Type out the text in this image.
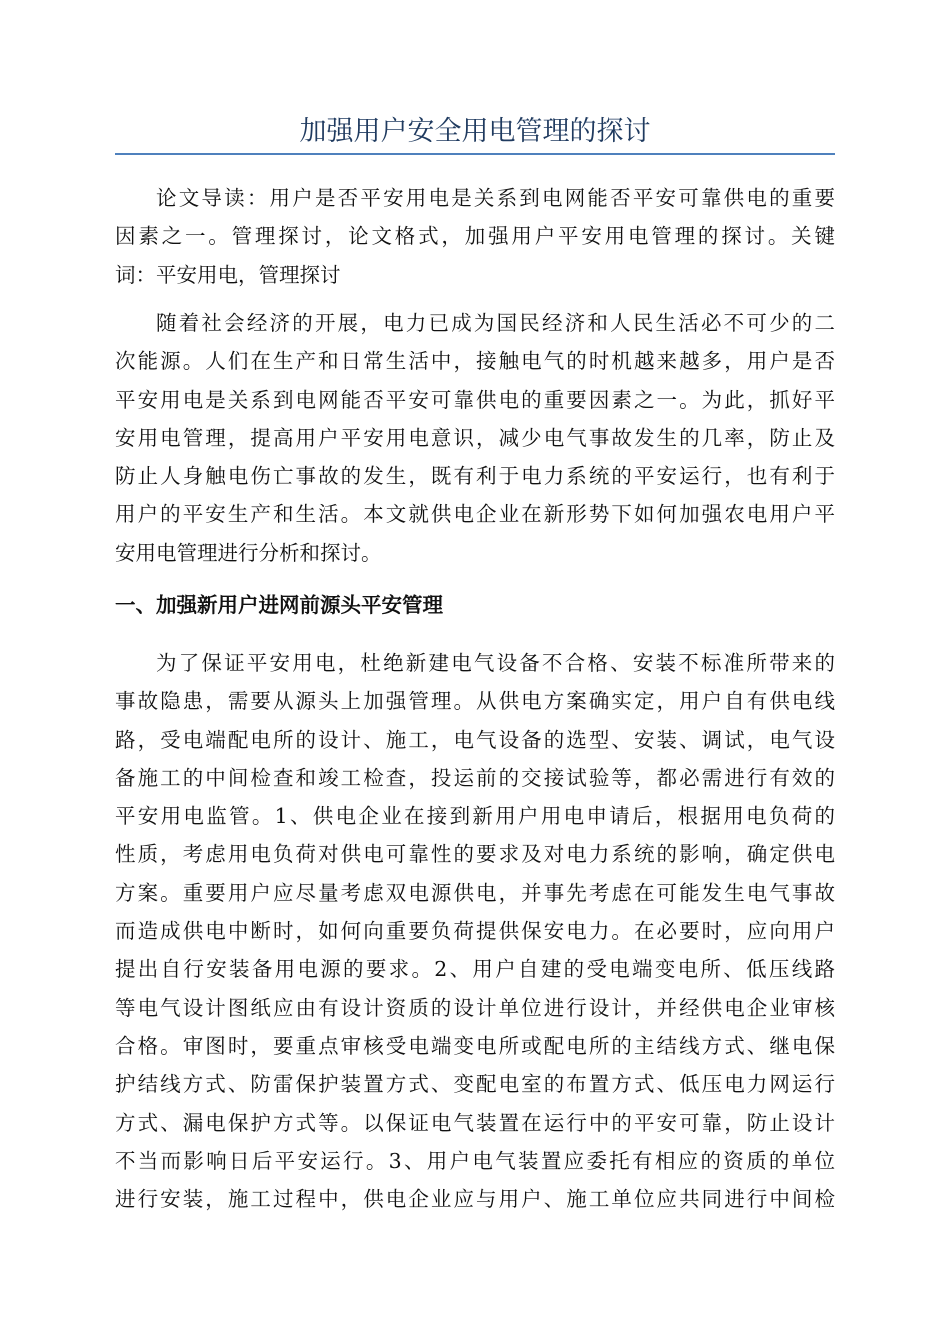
加强用户安全用电管理的探讨
论文导读：用户是否平安用电是关系到电网能否平安可靠供电的重要
因素之一。管理探讨，论文格式，加强用户平安用电管理的探讨。关键
词：平安用电，管理探讨
随着社会经济的开展，电力已成为国民经济和人民生活必不可少的二
次能源。人们在生产和日常生活中，接触电气的时机越来越多，用户是否
平安用电是关系到电网能否平安可靠供电的重要因素之一。为此，抓好平
安用电管理，提高用户平安用电意识，减少电气事故发生的几率，防止及
防止人身触电伤亡事故的发生，既有利于电力系统的平安运行，也有利于
用户的平安生产和生活。本文就供电企业在新形势下如何加强农电用户平
安用电管理进行分析和探讨。
一、加强新用户进网前源头平安管理
为了保证平安用电，杜绝新建电气设备不合格、安装不标准所带来的
事故隐患，需要从源头上加强管理。从供电方案确实定，用户自有供电线
路，受电端配电所的设计、施工，电气设备的选型、安装、调试，电气设
备施工的中间检查和竣工检查，投运前的交接试验等，都必需进行有效的
平安用电监管。1、供电企业在接到新用户用电申请后，根据用电负荷的
性质，考虑用电负荷对供电可靠性的要求及对电力系统的影响，确定供电
方案。重要用户应尽量考虑双电源供电，并事先考虑在可能发生电气事故
而造成供电中断时，如何向重要负荷提供保安电力。在必要时，应向用户
提出自行安装备用电源的要求。2、用户自建的受电端变电所、低压线路
等电气设计图纸应由有设计资质的设计单位进行设计，并经供电企业审核
合格。审图时，要重点审核受电端变电所或配电所的主结线方式、继电保
护结线方式、防雷保护装置方式、变配电室的布置方式、低压电力网运行
方式、漏电保护方式等。以保证电气装置在运行中的平安可靠，防止设计
不当而影响日后平安运行。3、用户电气装置应委托有相应的资质的单位
进行安装，施工过程中，供电企业应与用户、施工单位应共同进行中间检
